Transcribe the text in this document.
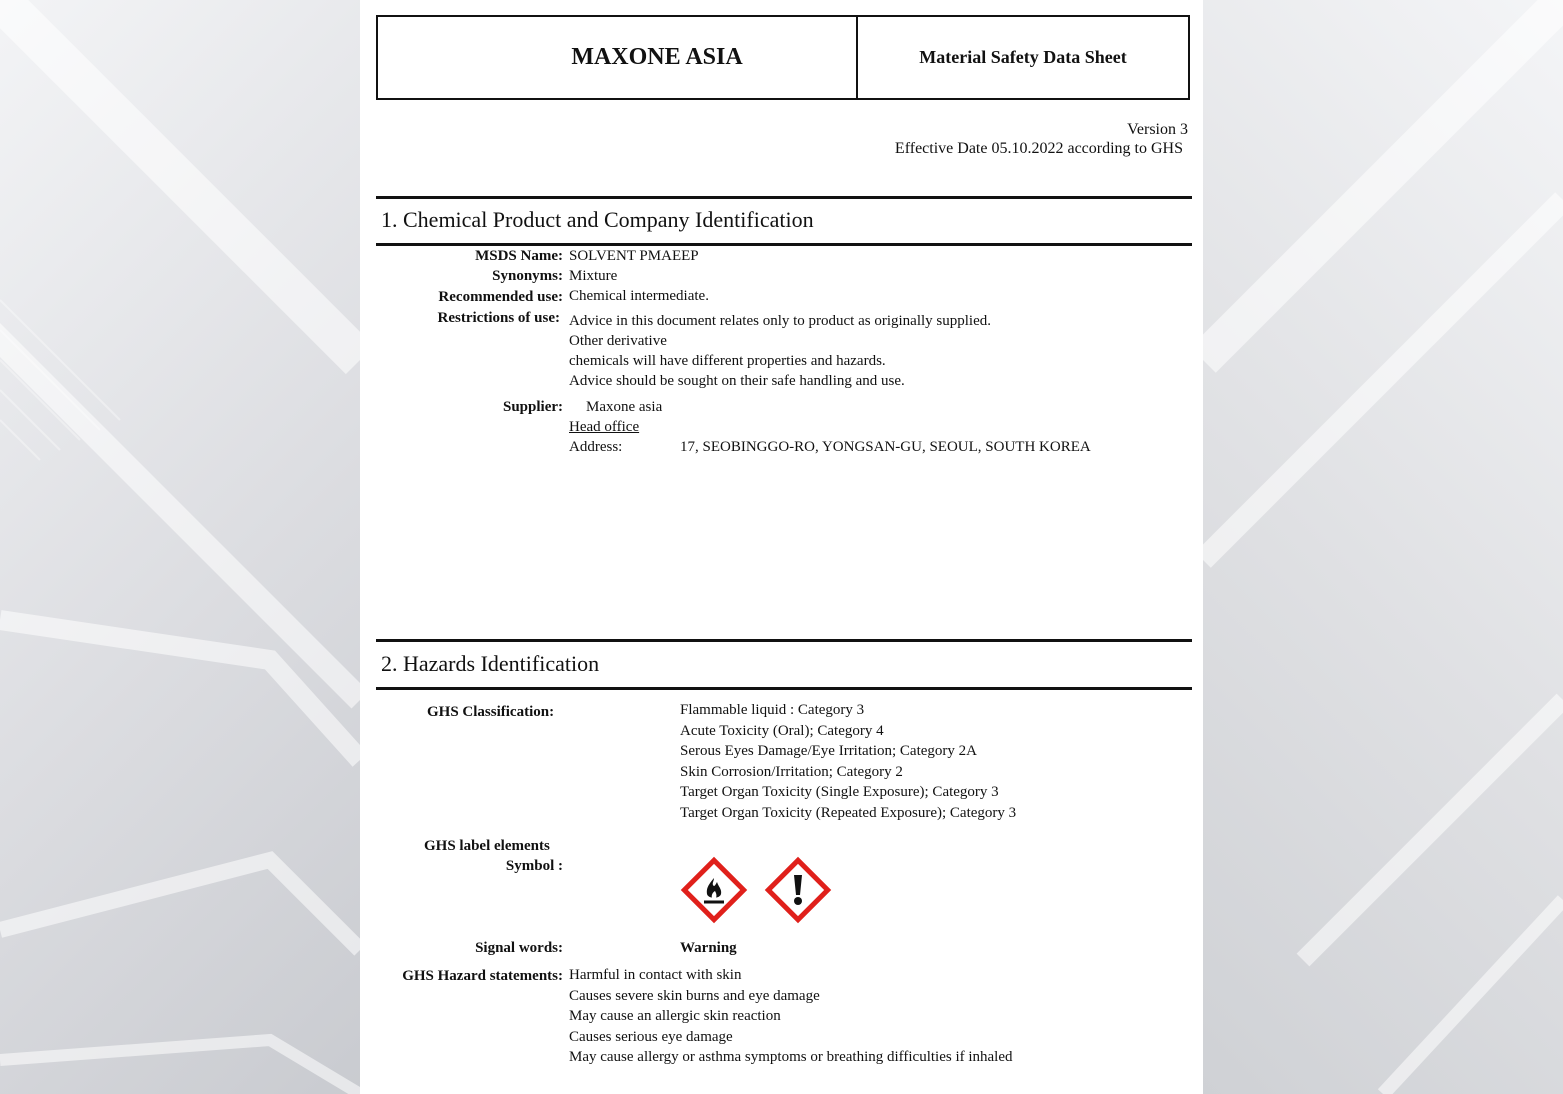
MAXONE ASIA	Material Safety Data Sheet
Version 3
Effective Date 05.10.2022 according to GHS
1. Chemical Product and Company Identification
MSDS Name: SOLVENT PMAEEP
Synonyms: Mixture
Recommended use: Chemical intermediate.
Restrictions of use: Advice in this document relates only to product as originally supplied.
Other derivative
chemicals will have different properties and hazards.
Advice should be sought on their safe handling and use.
Supplier: Maxone asia
Head office
Address:	17, SEOBINGGO-RO, YONGSAN-GU, SEOUL, SOUTH KOREA
2. Hazards Identification
GHS Classification:	Flammable liquid : Category 3
Acute Toxicity (Oral); Category 4
Serous Eyes Damage/Eye Irritation; Category 2A
Skin Corrosion/Irritation; Category 2
Target Organ Toxicity (Single Exposure); Category 3
Target Organ Toxicity (Repeated Exposure); Category 3
GHS label elements
Symbol :
Signal words:	Warning
GHS Hazard statements: Harmful in contact with skin
Causes severe skin burns and eye damage
May cause an allergic skin reaction
Causes serious eye damage
May cause allergy or asthma symptoms or breathing difficulties if inhaled
